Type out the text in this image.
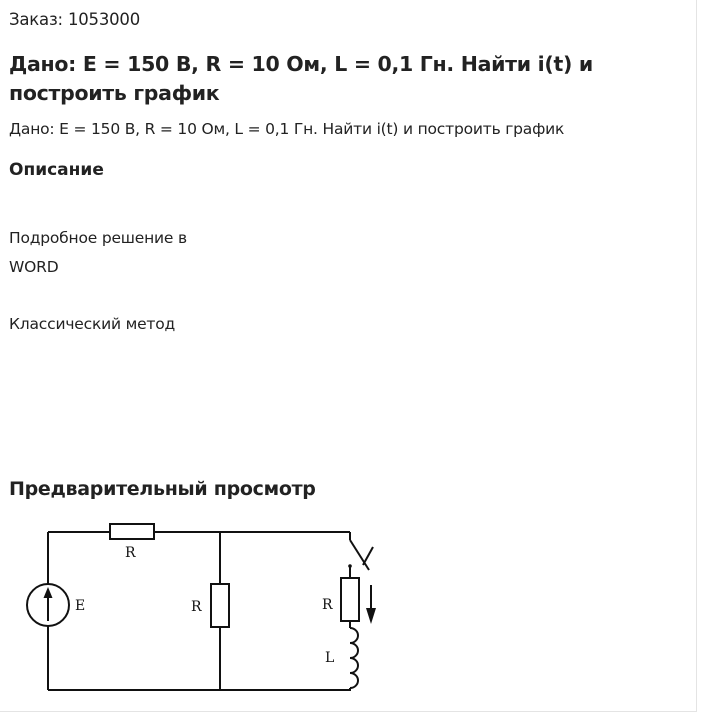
Заказ: 1053000
Дано: E = 150 В, R = 10 Ом, L = 0,1 Гн. Найти i(t) и построить график
Дано: E = 150 В, R = 10 Ом, L = 0,1 Гн. Найти i(t) и построить график
Описание

Подробное решение в

WORD

Классический метод

Предварительный просмотр
R
E	R	R
L
